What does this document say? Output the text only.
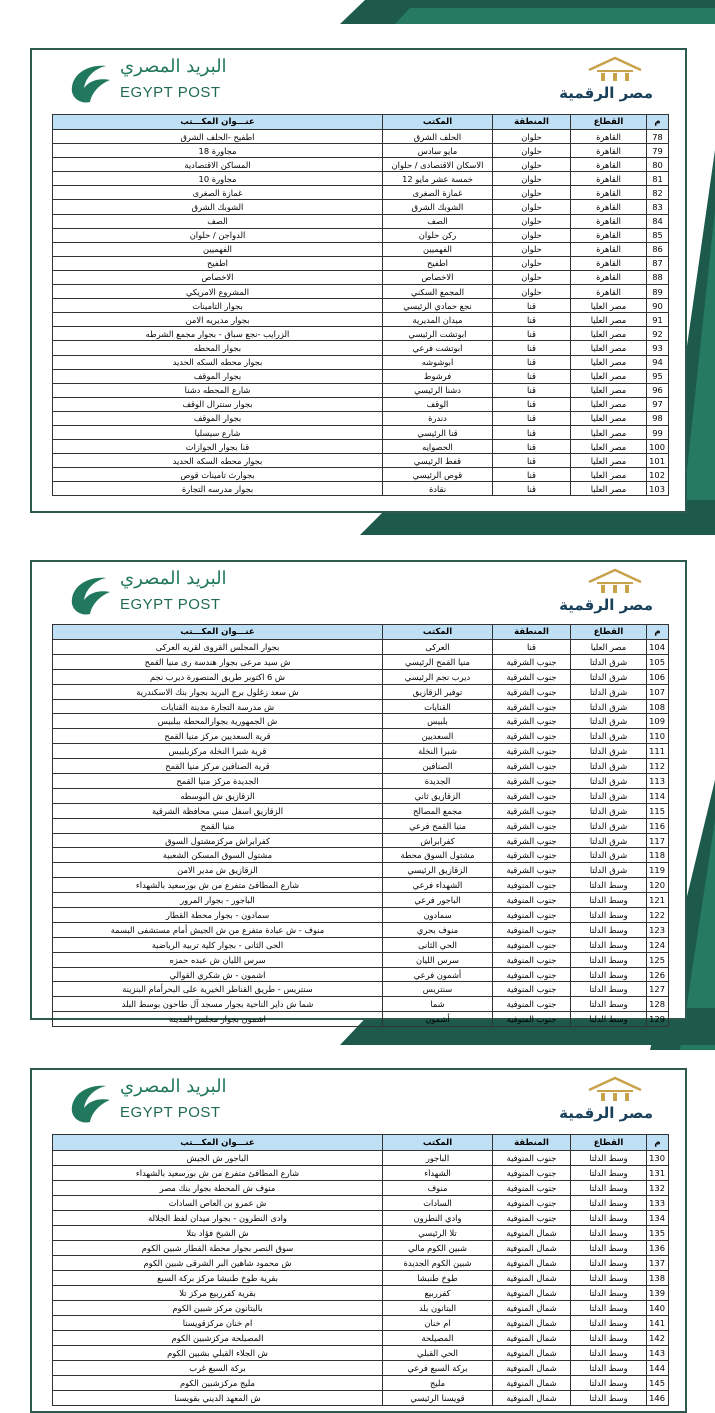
البريد المصري
EGYPT POST	مصر الرقمية
م	القطاع	المنطقة	المكتب	عنـــوان المكـــتب
78	القاهرة	حلوان	الحلف الشرق	اطفيح -الحلف الشرق
79	القاهرة	حلوان	مايو سادس	مجاورة 18
80	القاهرة	حلوان	الاسكان الاقتصادى / حلوان	المساكن الاقتصادية
81	القاهرة	حلوان	خمسة عشر مايو 12	مجاورة 10
82	القاهرة	حلوان	غمازة الصغرى	غمازة الصغرى
83	القاهرة	حلوان	الشوبك الشرق	الشوبك الشرق
84	القاهرة	حلوان	الصف	الصف
85	القاهرة	حلوان	ركن حلوان	الدواجن / حلوان
86	القاهرة	حلوان	الفهميين	الفهميين
87	القاهرة	حلوان	اطفيح	اطفيح
88	القاهرة	حلوان	الاخصاص	الاخصاص
89	القاهرة	حلوان	المجمع السكني	المشروع الامريكي
90	مصر العليا	قنا	نجع حمادي الرئيسي	بجوار التامينات
91	مصر العليا	قنا	ميدان المديرية	بجوار مديريه الامن
92	مصر العليا	قنا	ابوتشت الرئيسي	الزرايب -نجع سباق - بجوار مجمع الشرطه
93	مصر العليا	قنا	ابوتشت فرعي	بجوار المحطه
94	مصر العليا	قنا	ابوشوشه	بجوار محطه السكه الحديد
95	مصر العليا	قنا	فرشوط	بجوار الموقف
96	مصر العليا	قنا	دشنا الرئيسي	شارع المحطه دشنا
97	مصر العليا	قنا	الوقف	بجوار سنترال الوقف
98	مصر العليا	قنا	دندرة	بجوار الموقف
99	مصر العليا	قنا	قنا الرئيسي	شارع سيسليا
100	مصر العليا	قنا	الحصوايه	قنا بجوار الجوازات
101	مصر العليا	قنا	قفط الرئيسي	بجوار محطه السكه الحديد
102	مصر العليا	قنا	قوص الرئيسي	بجوارث تامينات قوص
103	مصر العليا	قنا	نقادة	بجوار مدرسه التجارة
البريد المصري
EGYPT POST	مصر الرقمية
م	القطاع	المنطقة	المكتب	عنـــوان المكـــتب
104	مصر العليا	قنا	العركى	بجوار المجلس القروى لقريه العركى
105	شرق الدلتا	جنوب الشرقية	منيا القمح الرئيسي	ش سيد مرعى بجوار هندسة رى منيا القمح
106	شرق الدلتا	جنوب الشرقية	ديرب نجم الرئيسي	ش 6 اكتوبر طريق المنصورة ديرب نجم
107	شرق الدلتا	جنوب الشرقية	توفير الزقازيق	ش سعد زغلول برج البريد بجوار بنك الاسكندرية
108	شرق الدلتا	جنوب الشرقية	القنايات	ش مدرسة التجارة مدينة القنايات
109	شرق الدلتا	جنوب الشرقية	بلبيس	ش الجمهورية بجوارالمحطة ببلبيس
110	شرق الدلتا	جنوب الشرقية	السعديين	قرية السعديين مركز منيا القمح
111	شرق الدلتا	جنوب الشرقية	شبرا النخلة	قرية شبرا النخلة مركزبلبيس
112	شرق الدلتا	جنوب الشرقية	الصنافين	قرية الصنافين مركز منيا القمح
113	شرق الدلتا	جنوب الشرقية	الجديدة	الجديدة مركز منيا القمح
114	شرق الدلتا	جنوب الشرقية	الزقازيق ثاني	الزقازيق ش البوسطه
115	شرق الدلتا	جنوب الشرقية	مجمع المصالح	الزقازيق اسفل مبني محافظة الشرقية
116	شرق الدلتا	جنوب الشرقية	منيا القمح فرعي	منيا القمح
117	شرق الدلتا	جنوب الشرقية	كفرابراش	كفرابراش مركزمشتول السوق
118	شرق الدلتا	جنوب الشرقية	مشتول السوق محطة	مشتول السوق المسكن الشعبية
119	شرق الدلتا	جنوب الشرقية	الزقازيق الرئيسي	الزقازيق ش مدير الامن
120	وسط الدلتا	جنوب المنوفية	الشهداء فرعي	شارع المطافئ متفرع من ش بورسعيد بالشهداء
121	وسط الدلتا	جنوب المنوفية	الباجور فرعي	الباجور - بجوار المرور
122	وسط الدلتا	جنوب المنوفية	سمادون	سمادون - بجوار محطة القطار
123	وسط الدلتا	جنوب المنوفية	منوف بحري	منوف - ش عبادة متفرع من ش الجيش أمام مستشفى البسمة
124	وسط الدلتا	جنوب المنوفية	الحي الثانى	الحى الثانى - بجوار كلية تربية الرياضية
125	وسط الدلتا	جنوب المنوفية	سرس الليان	سرس الليان ش عبده حمزه
126	وسط الدلتا	جنوب المنوفية	أشمون فرعي	اشمون - ش شكري القوالي
127	وسط الدلتا	جنوب المنوفية	سنتريس	سنتريس - طريق القناطر الخيرية على البحرأمام البنزينة
128	وسط الدلتا	جنوب المنوفية	شما	شما ش داير الناحية بجوار مسجد آل طاحون بوسط البلد
129	وسط الدلتا	جنوب المنوفية	أشمون	اشمون بجوار مجلس المدينة
البريد المصري
EGYPT POST	مصر الرقمية
م	القطاع	المنطقة	المكتب	عنـــوان المكـــتب
130	وسط الدلتا	جنوب المنوفية	الباجور	الباجور ش الجيش
131	وسط الدلتا	جنوب المنوفية	الشهداء	شارع المطافئ متفرع من ش بورسعيد بالشهداء
132	وسط الدلتا	جنوب المنوفية	منوف	منوف ش المحطة بجوار بنك مصر
133	وسط الدلتا	جنوب المنوفية	السادات	ش عمرو بن العاص السادات
134	وسط الدلتا	جنوب المنوفية	وادي النطرون	وادى النطرون - بجوار ميدان لفظ الجلالة
135	وسط الدلتا	شمال المنوفية	تلا الرئيسي	ش الشيخ فؤاد بتلا
136	وسط الدلتا	شمال المنوفية	شبين الكوم مالي	سوق النصر بجوار محطة القطار شبين الكوم
137	وسط الدلتا	شمال المنوفية	شبين الكوم الجديدة	ش محمود شاهين البر الشرقى شبين الكوم
138	وسط الدلتا	شمال المنوفية	طوخ طنبشا	بقرية طوخ طنبشا مركز بركة السبع
139	وسط الدلتا	شمال المنوفية	كفرربيع	بقرية كفرربيع مركز تلا
140	وسط الدلتا	شمال المنوفية	البتانون بلد	بالبتانون مركز شبين الكوم
141	وسط الدلتا	شمال المنوفية	ام خنان	ام خنان مركزقويسنا
142	وسط الدلتا	شمال المنوفية	المصيلحة	المصيلحة مركزشبين الكوم
143	وسط الدلتا	شمال المنوفية	الحي القبلي	ش الجلاء القبلي بشبين الكوم
144	وسط الدلتا	شمال المنوفية	بركة السبع فرعي	بركة السبع غرب
145	وسط الدلتا	شمال المنوفية	مليج	مليج مركزشبين الكوم
146	وسط الدلتا	شمال المنوفية	قويسنا الرئيسي	ش المعهد الديني بقويسنا
